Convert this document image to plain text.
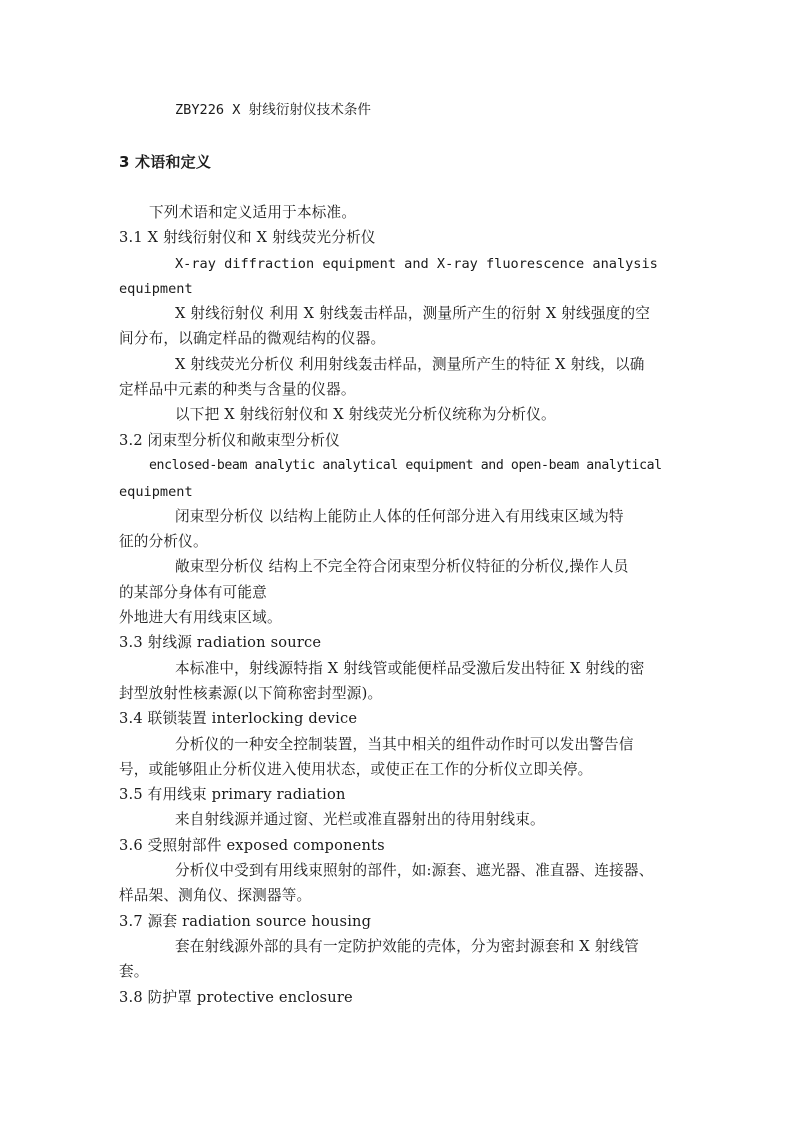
ZBY226 X 射线衍射仪技术条件
3 术语和定义
下列术语和定义适用于本标准。
3.1 X 射线衍射仪和 X 射线荧光分析仪
X-ray diffraction equipment and X-ray fluorescence analysis
equipment
X 射线衍射仪 利用 X 射线轰击样品，测量所产生的衍射 X 射线强度的空
间分布，以确定样品的微观结构的仪器。
X 射线荧光分析仪 利用射线轰击样品，测量所产生的特征 X 射线，以确
定样品中元素的种类与含量的仪器。
以下把 X 射线衍射仪和 X 射线荧光分析仪统称为分析仪。
3.2 闭束型分析仪和敞束型分析仪
enclosed-beam analytic analytical equipment and open-beam analytical
equipment
闭束型分析仪 以结构上能防止人体的任何部分进入有用线束区域为特
征的分析仪。
敞束型分析仪 结构上不完全符合闭束型分析仪特征的分析仪,操作人员
的某部分身体有可能意
外地进大有用线束区域。
3.3 射线源 radiation source
本标准中，射线源特指 X 射线管或能便样品受激后发出特征 X 射线的密
封型放射性核素源(以下简称密封型源)。
3.4 联锁装置 interlocking device
分析仪的一种安全控制装置，当其中相关的组件动作时可以发出警告信
号，或能够阻止分析仪进入使用状态，或使正在工作的分析仪立即关停。
3.5 有用线束 primary radiation
来自射线源并通过窗、光栏或准直器射出的待用射线束。
3.6 受照射部件 exposed components
分析仪中受到有用线束照射的部件，如:源套、遮光器、准直器、连接器、
样品架、测角仪、探测器等。
3.7 源套 radiation source housing
套在射线源外部的具有一定防护效能的壳体，分为密封源套和 X 射线管
套。
3.8 防护罩 protective enclosure
